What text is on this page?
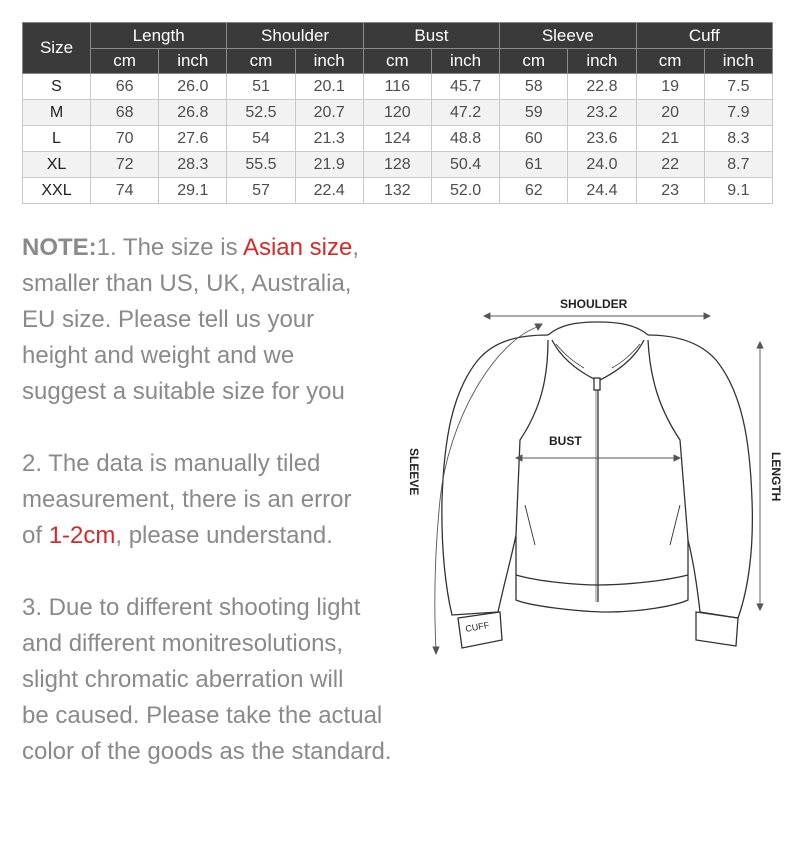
Size	Length		Shoulder		Bust		Sleeve		Cuff	
	cm	inch	cm	inch	cm	inch	cm	inch	cm	inch
S	66	26.0	51	20.1	116	45.7	58	22.8	19	7.5
M	68	26.8	52.5	20.7	120	47.2	59	23.2	20	7.9
L	70	27.6	54	21.3	124	48.8	60	23.6	21	8.3
XL	72	28.3	55.5	21.9	128	50.4	61	24.0	22	8.7
XXL	74	29.1	57	22.4	132	52.0	62	24.4	23	9.1

NOTE:1. The size is Asian size,
smaller than US, UK, Australia,
EU size. Please tell us your
height and weight and we
suggest a suitable size for you

2. The data is manually tiled
measurement, there is an error
of 1-2cm, please understand.

3. Due to different shooting light
and different monitresolutions,
slight chromatic aberration will
be caused. Please take the actual
color of the goods as the standard.

SHOULDER
BUST
SLEEVE	LENGTH
CUFF
